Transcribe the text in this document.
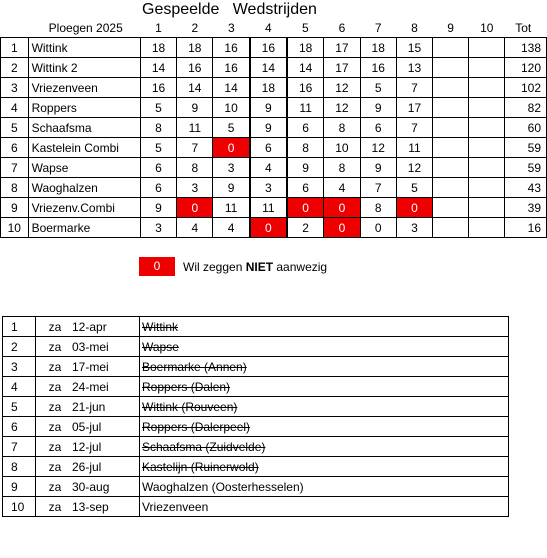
Gespeelde   Wedstrijden
	Ploegen 2025	1	2	3	4	5	6	7	8	9	10	Tot
1	Wittink	18	18	16	16	18	17	18	15			138
2	Wittink 2	14	16	16	14	14	17	16	13			120
3	Vriezenveen	16	14	14	18	16	12	5	7			102
4	Roppers	5	9	10	9	11	12	9	17			82
5	Schaafsma	8	11	5	9	6	8	6	7			60
6	Kastelein Combi	5	7	0	6	8	10	12	11			59
7	Wapse	6	8	3	4	9	8	9	12			59
8	Waoghalzen	6	3	9	3	6	4	7	5			43
9	Vriezenv.Combi	9	0	11	11	0	0	8	0			39
10	Boermarke	3	4	4	0	2	0	0	3			16
0	Wil zeggen NIET aanwezig
1	za 12-apr	Wittink
2	za 03-mei	Wapse
3	za 17-mei	Boermarke (Annen)
4	za 24-mei	Roppers (Dalen)
5	za 21-jun	Wittink (Rouveen)
6	za 05-jul	Roppers (Dalerpeel)
7	za 12-jul	Schaafsma (Zuidvelde)
8	za 26-jul	Kastelijn (Ruinerwold)
9	za 30-aug	Waoghalzen (Oosterhesselen)
10	za 13-sep	Vriezenveen
